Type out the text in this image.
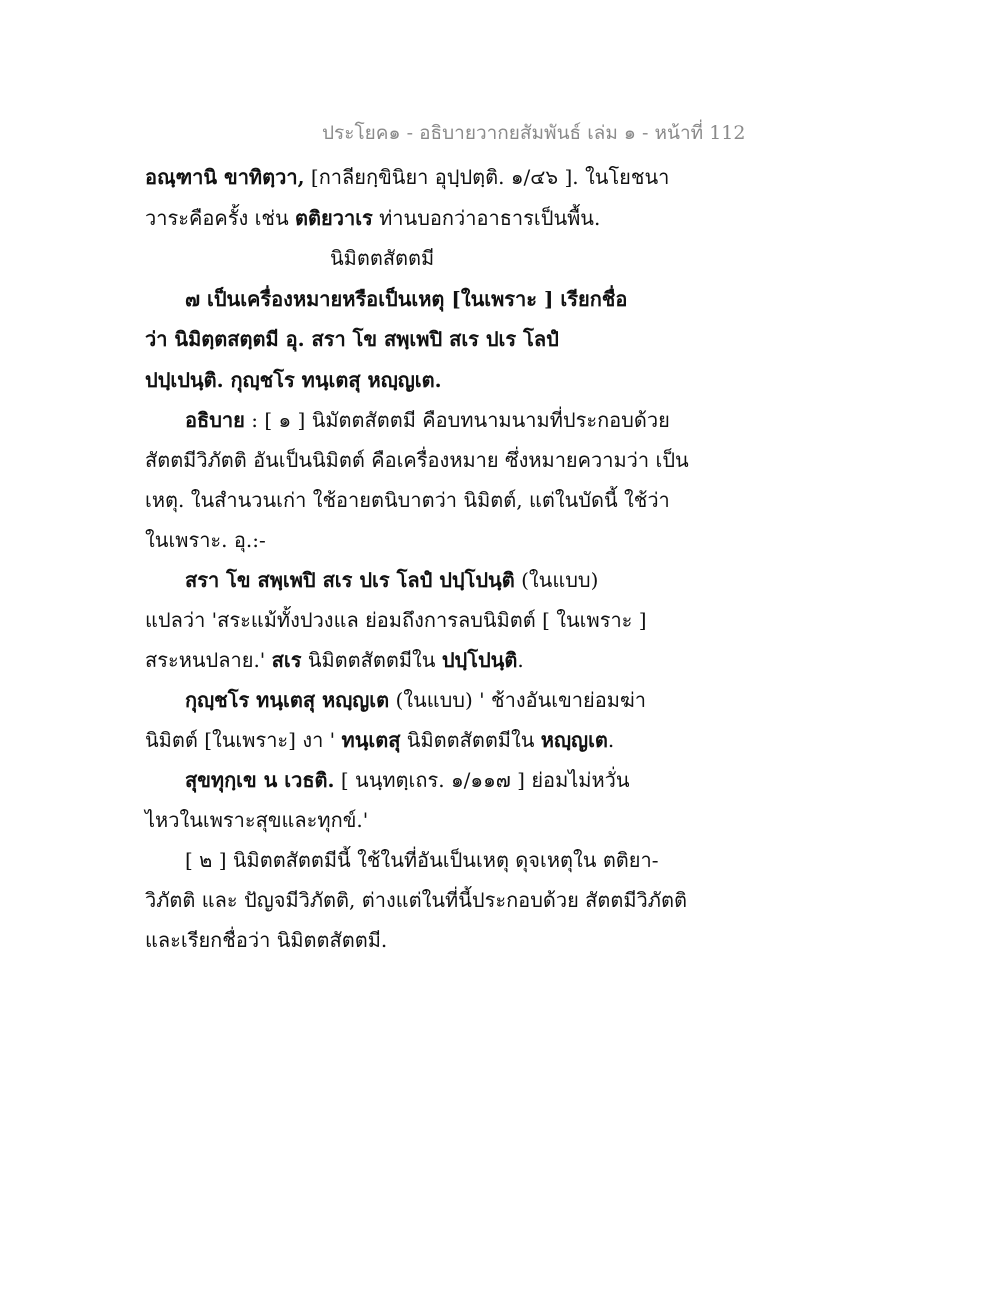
ประโยค๑ - อธิบายวากยสัมพันธ์ เล่ม ๑ - หน้าที่ 112
อณฺฑานิ ขาทิตฺวา, [กาลียกฺขินิยา อุปฺปตฺติ. ๑/๔๖ ]. ในโยชนา
วาระคือครั้ง เช่น ตติยวาเร ท่านบอกว่าอาธารเป็นพื้น.
นิมิตตสัตตมี
๗ เป็นเครื่องหมายหรือเป็นเหตุ [ในเพราะ ] เรียกชื่อ
ว่า นิมิตฺตสตฺตมี อุ. สรา โข สพฺเพปิ สเร ปเร โลปํ
ปปฺเปนฺติ. กุญฺชโร ทนฺเตสุ หญฺญเต.
อธิบาย : [ ๑ ] นิมัตตสัตตมี คือบทนามนามที่ประกอบด้วย
สัตตมีวิภัตติ อันเป็นนิมิตต์ คือเครื่องหมาย ซึ่งหมายความว่า เป็น
เหตุ. ในสำนวนเก่า ใช้อายตนิบาตว่า นิมิตต์, แต่ในบัดนี้ ใช้ว่า
ในเพราะ. อุ.:-
สรา โข สพฺเพปิ สเร ปเร โลปํ ปปฺโปนฺติ (ในแบบ)
แปลว่า 'สระแม้ทั้งปวงแล ย่อมถึงการลบนิมิตต์ [ ในเพราะ ]
สระหนปลาย.' สเร นิมิตตสัตตมีใน ปปฺโปนฺติ.
กุญฺชโร ทนฺเตสุ หญฺญเต (ในแบบ) ' ช้างอันเขาย่อมฆ่า
นิมิตต์ [ในเพราะ] งา ' ทนฺเตสุ นิมิตตสัตตมีใน หญฺญเต.
สุขทุกฺเข น เวธติ. [ นนฺทตฺเถร. ๑/๑๑๗ ] ย่อมไม่หวั่น
ไหวในเพราะสุขและทุกข์.'
[ ๒ ] นิมิตตสัตตมีนี้ ใช้ในที่อันเป็นเหตุ ดุจเหตุใน ตติยา-
วิภัตติ และ ปัญจมีวิภัตติ, ต่างแต่ในที่นี้ประกอบด้วย สัตตมีวิภัตติ
และเรียกชื่อว่า นิมิตตสัตตมี.
